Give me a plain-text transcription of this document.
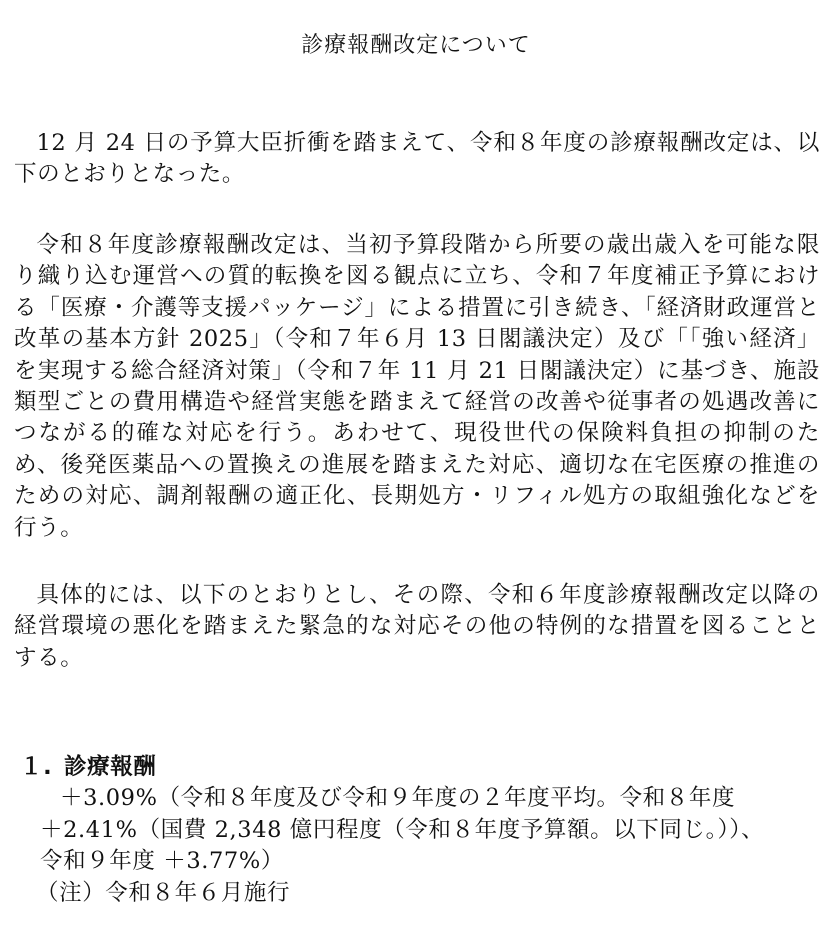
診療報酬改定について

12 月 24 日の予算大臣折衝を踏まえて、令和８年度の診療報酬改定は、以下のとおりとなった。

令和８年度診療報酬改定は、当初予算段階から所要の歳出歳入を可能な限り織り込む運営への質的転換を図る観点に立ち、令和７年度補正予算における「医療・介護等支援パッケージ」による措置に引き続き、「経済財政運営と改革の基本方針 2025」（令和７年６月 13 日閣議決定）及び「「強い経済」を実現する総合経済対策」（令和７年 11 月 21 日閣議決定）に基づき、施設類型ごとの費用構造や経営実態を踏まえて経営の改善や従事者の処遇改善につながる的確な対応を行う。あわせて、現役世代の保険料負担の抑制のため、後発医薬品への置換えの進展を踏まえた対応、適切な在宅医療の推進のための対応、調剤報酬の適正化、長期処方・リフィル処方の取組強化などを行う。

具体的には、以下のとおりとし、その際、令和６年度診療報酬改定以降の経営環境の悪化を踏まえた緊急的な対応その他の特例的な措置を図ることとする。

１. 診療報酬
＋3.09%（令和８年度及び令和９年度の２年度平均。令和８年度
＋2.41%（国費 2,348 億円程度（令和８年度予算額。以下同じ。））、
令和９年度 ＋3.77%）
（注）令和８年６月施行
